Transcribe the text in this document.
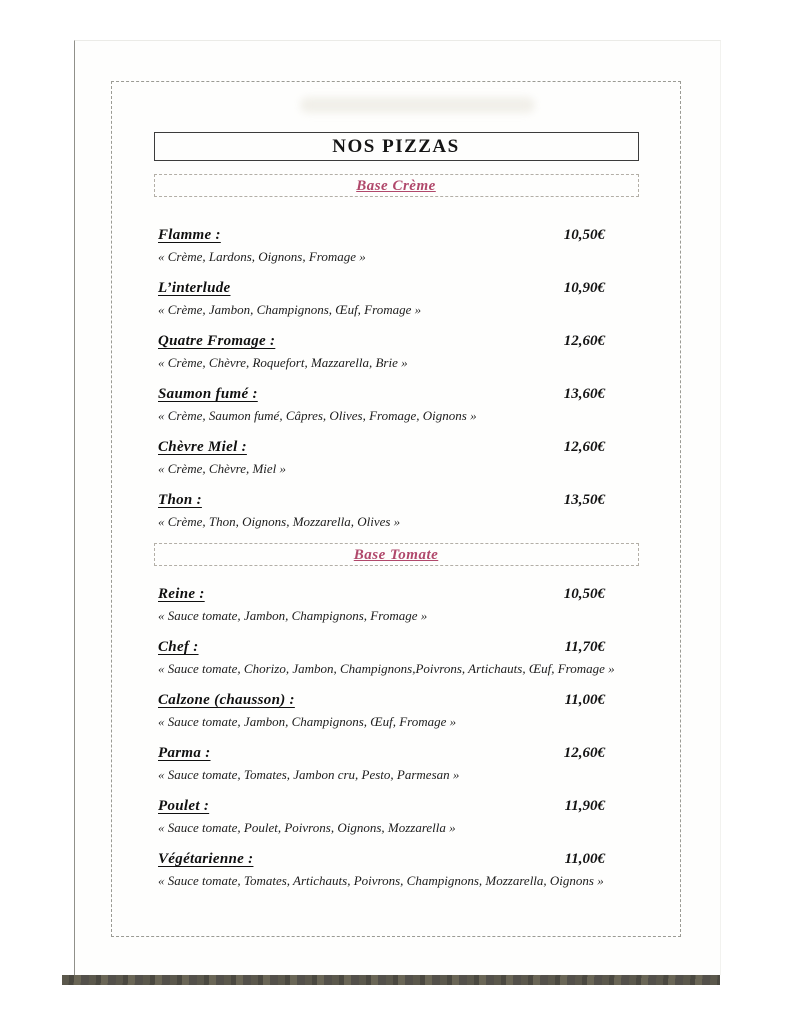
NOS PIZZAS
Base Crème
Flamme :	10,50€
« Crème, Lardons, Oignons, Fromage »
L’interlude	10,90€
« Crème, Jambon, Champignons, Œuf, Fromage »
Quatre Fromage :	12,60€
« Crème, Chèvre, Roquefort, Mazzarella, Brie »
Saumon fumé :	13,60€
« Crème, Saumon fumé, Câpres, Olives, Fromage, Oignons »
Chèvre Miel :	12,60€
« Crème, Chèvre, Miel »
Thon :	13,50€
« Crème, Thon, Oignons, Mozzarella, Olives »
Base Tomate
Reine :	10,50€
« Sauce tomate, Jambon, Champignons, Fromage »
Chef :	11,70€
« Sauce tomate, Chorizo, Jambon, Champignons,Poivrons, Artichauts, Œuf, Fromage »
Calzone (chausson) :	11,00€
« Sauce tomate, Jambon, Champignons, Œuf, Fromage »
Parma :	12,60€
« Sauce tomate, Tomates, Jambon cru, Pesto, Parmesan »
Poulet :	11,90€
« Sauce tomate, Poulet, Poivrons, Oignons, Mozzarella »
Végétarienne :	11,00€
« Sauce tomate, Tomates, Artichauts, Poivrons, Champignons, Mozzarella, Oignons »
